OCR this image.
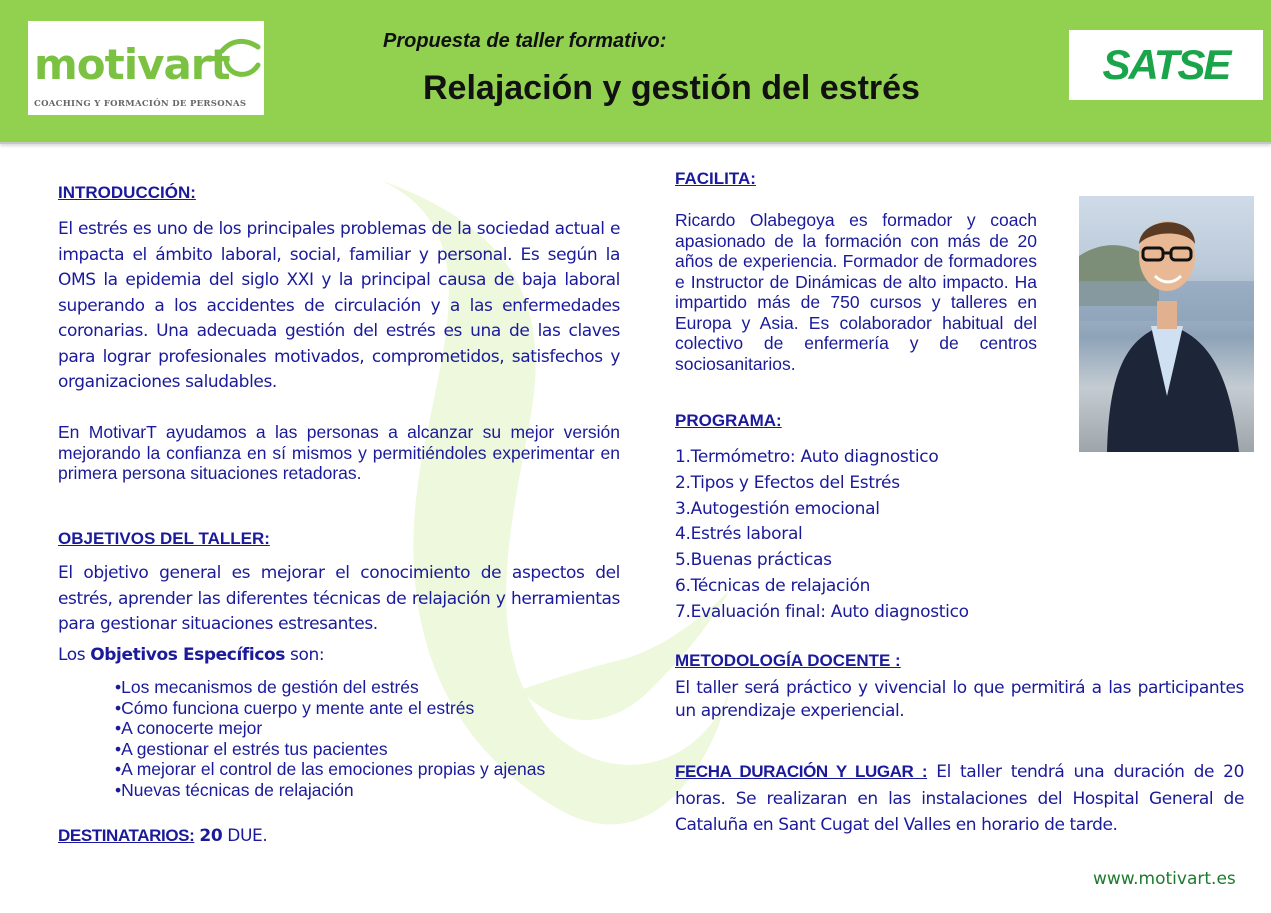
motivart
COACHING Y FORMACIÓN DE PERSONAS
Propuesta de taller formativo:
Relajación y gestión del estrés	SATSE
INTRODUCCIÓN:
El estrés es uno de los principales problemas de la sociedad actual e impacta el ámbito laboral, social, familiar y personal. Es según la OMS la epidemia del siglo XXI y la principal causa de baja laboral superando a los accidentes de circulación y a las enfermedades coronarias. Una adecuada gestión del estrés es una de las claves para lograr profesionales motivados, comprometidos, satisfechos y organizaciones saludables.
En MotivarT ayudamos a las personas a alcanzar su mejor versión mejorando la confianza en sí mismos y permitiéndoles experimentar en primera persona situaciones retadoras.
OBJETIVOS DEL TALLER:
El objetivo general es mejorar el conocimiento de aspectos del estrés, aprender las diferentes técnicas de relajación y herramientas para gestionar situaciones estresantes.
Los Objetivos Específicos son:
•Los mecanismos de gestión del estrés
•Cómo funciona cuerpo y mente ante el estrés
•A conocerte mejor
•A gestionar el estrés tus pacientes
•A mejorar el control de las emociones propias y ajenas
•Nuevas técnicas de relajación
DESTINATARIOS: 20 DUE.
FACILITA:
Ricardo Olabegoya es formador y coach apasionado de la formación con más de 20 años de experiencia. Formador de formadores e Instructor de Dinámicas de alto impacto. Ha impartido más de 750 cursos y talleres en Europa y Asia. Es colaborador habitual del colectivo de enfermería y de centros sociosanitarios.
PROGRAMA:
1.Termómetro: Auto diagnostico
2.Tipos y Efectos del Estrés
3.Autogestión emocional
4.Estrés laboral
5.Buenas prácticas
6.Técnicas de relajación
7.Evaluación final: Auto diagnostico
METODOLOGÍA DOCENTE :
El taller será práctico y vivencial lo que permitirá a las participantes un aprendizaje experiencial.
FECHA DURACIÓN Y LUGAR : El taller tendrá una duración de 20 horas. Se realizaran en las instalaciones del Hospital General de Cataluña en Sant Cugat del Valles en horario de tarde.
www.motivart.es
